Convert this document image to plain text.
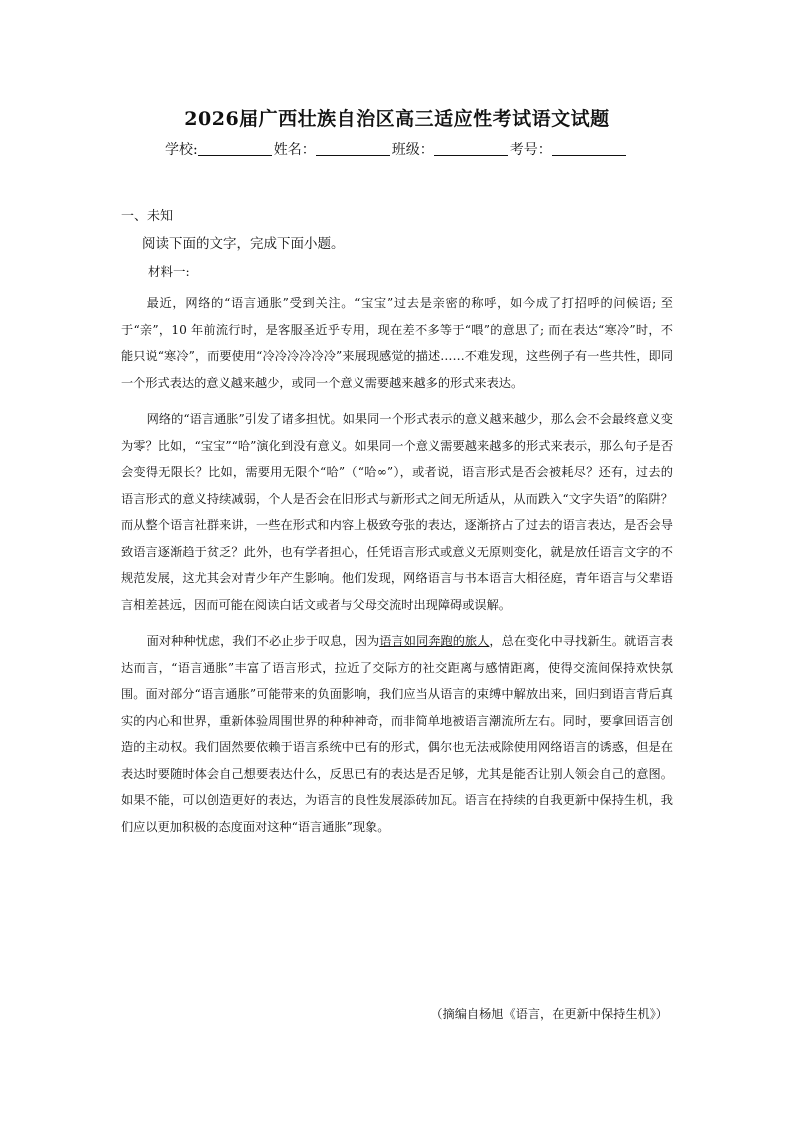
2026届广西壮族自治区高三适应性考试语文试题
学校:	姓名：	班级：	考号：
一、未知
阅读下面的文字，完成下面小题。
材料一:

最近，网络的“语言通胀”受到关注。“宝宝”过去是亲密的称呼，如今成了打招呼的问候语; 至于“亲”，10 年前流行时，是客服圣近乎专用，现在差不多等于“喂”的意思了; 而在表达“寒冷”时，不能只说“寒冷”，而要使用“冷冷冷冷冷冷”来展现感觉的描述……不难发现，这些例子有一些共性，即同一个形式表达的意义越来越少，或同一个意义需要越来越多的形式来表达。

网络的“语言通胀”引发了诸多担忧。如果同一个形式表示的意义越来越少，那么会不会最终意义变为零？比如，“宝宝”“哈”演化到没有意义。如果同一个意义需要越来越多的形式来表示，那么句子是否会变得无限长？比如，需要用无限个“哈”（“哈∞”），或者说，语言形式是否会被耗尽？还有，过去的语言形式的意义持续减弱，个人是否会在旧形式与新形式之间无所适从，从而跌入“文字失语”的陷阱？而从整个语言社群来讲，一些在形式和内容上极致夸张的表达，逐渐挤占了过去的语言表达，是否会导致语言逐渐趋于贫乏？此外，也有学者担心，任凭语言形式或意义无原则变化，就是放任语言文字的不规范发展，这尤其会对青少年产生影响。他们发现，网络语言与书本语言大相径庭，青年语言与父辈语言相差甚远，因而可能在阅读白话文或者与父母交流时出现障碍或误解。

面对种种忧虑，我们不必止步于叹息，因为语言如同奔跑的旅人，总在变化中寻找新生。就语言表达而言，“语言通胀”丰富了语言形式，拉近了交际方的社交距离与感情距离，使得交流间保持欢快氛围。面对部分“语言通胀”可能带来的负面影响，我们应当从语言的束缚中解放出来，回归到语言背后真实的内心和世界，重新体验周围世界的种种神奇，而非简单地被语言潮流所左右。同时，要拿回语言创造的主动权。我们固然要依赖于语言系统中已有的形式，偶尔也无法戒除使用网络语言的诱惑，但是在表达时要随时体会自己想要表达什么，反思已有的表达是否足够，尤其是能否让别人领会自己的意图。如果不能，可以创造更好的表达，为语言的良性发展添砖加瓦。语言在持续的自我更新中保持生机，我们应以更加积极的态度面对这种“语言通胀”现象。

（摘编自杨旭《语言，在更新中保持生机》）
